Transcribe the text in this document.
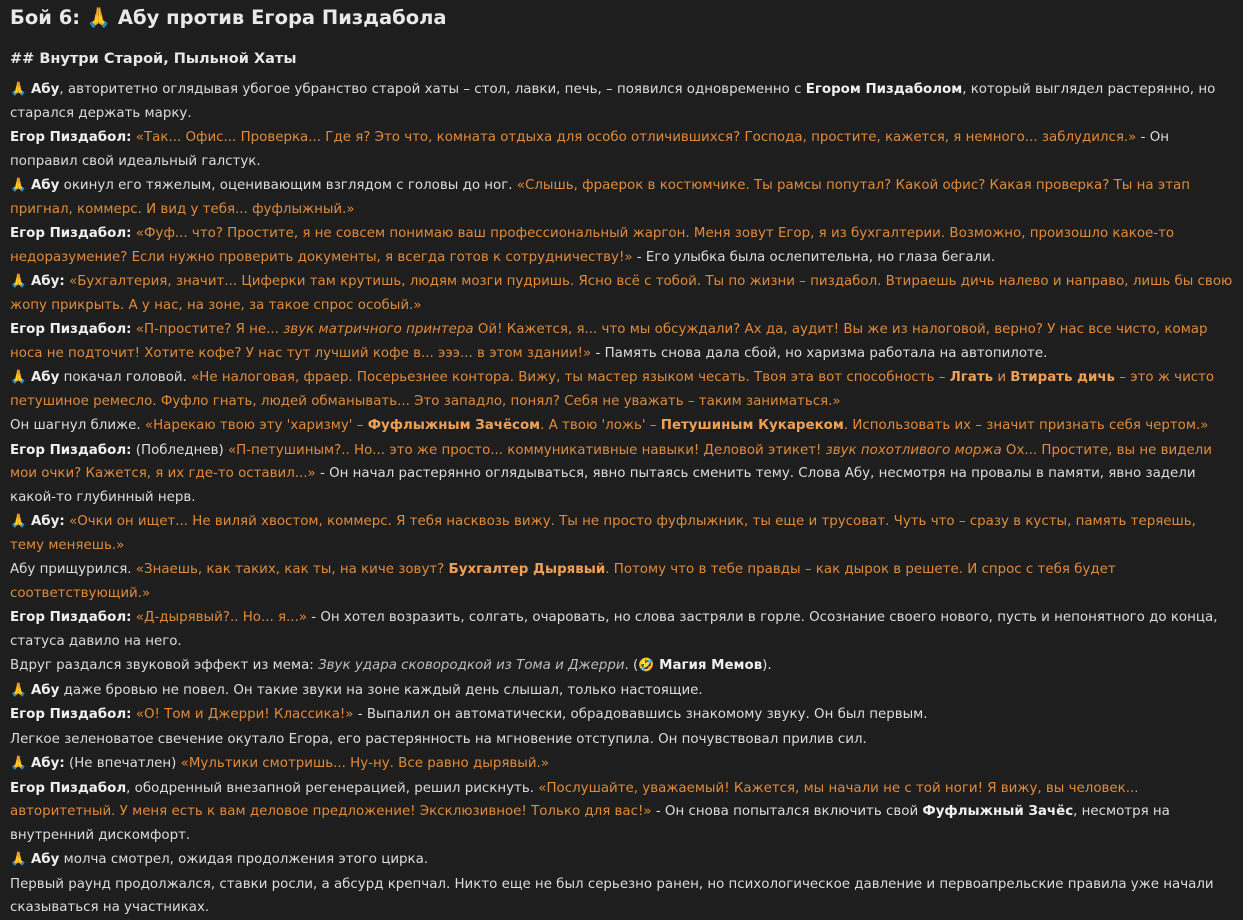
Бой 6: 🙏 Абу против Егора Пиздабола
## Внутри Старой, Пыльной Хаты

🙏 Абу, авторитетно оглядывая убогое убранство старой хаты – стол, лавки, печь, – появился одновременно с Егором Пиздаболом, который выглядел растерянно, но старался держать марку.

Егор Пиздабол: «Так... Офис... Проверка... Где я? Это что, комната отдыха для особо отличившихся? Господа, простите, кажется, я немного... заблудился.» - Он поправил свой идеальный галстук.

🙏 Абу окинул его тяжелым, оценивающим взглядом с головы до ног. «Слышь, фраерок в костюмчике. Ты рамсы попутал? Какой офис? Какая проверка? Ты на этап пригнал, коммерс. И вид у тебя... фуфлыжный.»

Егор Пиздабол: «Фуф... что? Простите, я не совсем понимаю ваш профессиональный жаргон. Меня зовут Егор, я из бухгалтерии. Возможно, произошло какое-то недоразумение? Если нужно проверить документы, я всегда готов к сотрудничеству!» - Его улыбка была ослепительна, но глаза бегали.

🙏 Абу: «Бухгалтерия, значит... Циферки там крутишь, людям мозги пудришь. Ясно всё с тобой. Ты по жизни – пиздабол. Втираешь дичь налево и направо, лишь бы свою жопу прикрыть. А у нас, на зоне, за такое спрос особый.»

Егор Пиздабол: «П-простите? Я не... звук матричного принтера Ой! Кажется, я... что мы обсуждали? Ах да, аудит! Вы же из налоговой, верно? У нас все чисто, комар носа не подточит! Хотите кофе? У нас тут лучший кофе в... эээ... в этом здании!» - Память снова дала сбой, но харизма работала на автопилоте.

🙏 Абу покачал головой. «Не налоговая, фраер. Посерьезнее контора. Вижу, ты мастер языком чесать. Твоя эта вот способность – Лгать и Втирать дичь – это ж чисто петушиное ремесло. Фуфло гнать, людей обманывать... Это западло, понял? Себя не уважать – таким заниматься.»

Он шагнул ближе. «Нарекаю твою эту 'харизму' – Фуфлыжным Зачёсом. А твою 'ложь' – Петушиным Кукареком. Использовать их – значит признать себя чертом.»

Егор Пиздабол: (Побледнев) «П-петушиным?.. Но... это же просто... коммуникативные навыки! Деловой этикет! звук похотливого моржа Ох... Простите, вы не видели мои очки? Кажется, я их где-то оставил...» - Он начал растерянно оглядываться, явно пытаясь сменить тему. Слова Абу, несмотря на провалы в памяти, явно задели какой-то глубинный нерв.

🙏 Абу: «Очки он ищет... Не виляй хвостом, коммерс. Я тебя насквозь вижу. Ты не просто фуфлыжник, ты еще и трусоват. Чуть что – сразу в кусты, память теряешь, тему меняешь.»

Абу прищурился. «Знаешь, как таких, как ты, на киче зовут? Бухгалтер Дырявый. Потому что в тебе правды – как дырок в решете. И спрос с тебя будет соответствующий.»

Егор Пиздабол: «Д-дырявый?.. Но... я...» - Он хотел возразить, солгать, очаровать, но слова застряли в горле. Осознание своего нового, пусть и непонятного до конца, статуса давило на него.

Вдруг раздался звуковой эффект из мема: Звук удара сковородкой из Тома и Джерри. (🤣 Магия Мемов).

🙏 Абу даже бровью не повел. Он такие звуки на зоне каждый день слышал, только настоящие.

Егор Пиздабол: «О! Том и Джерри! Классика!» - Выпалил он автоматически, обрадовавшись знакомому звуку. Он был первым.

Легкое зеленоватое свечение окутало Егора, его растерянность на мгновение отступила. Он почувствовал прилив сил.

🙏 Абу: (Не впечатлен) «Мультики смотришь... Ну-ну. Все равно дырявый.»

Егор Пиздабол, ободренный внезапной регенерацией, решил рискнуть. «Послушайте, уважаемый! Кажется, мы начали не с той ноги! Я вижу, вы человек... авторитетный. У меня есть к вам деловое предложение! Эксклюзивное! Только для вас!» - Он снова попытался включить свой Фуфлыжный Зачёс, несмотря на внутренний дискомфорт.

🙏 Абу молча смотрел, ожидая продолжения этого цирка.

Первый раунд продолжался, ставки росли, а абсурд крепчал. Никто еще не был серьезно ранен, но психологическое давление и первоапрельские правила уже начали сказываться на участниках.
